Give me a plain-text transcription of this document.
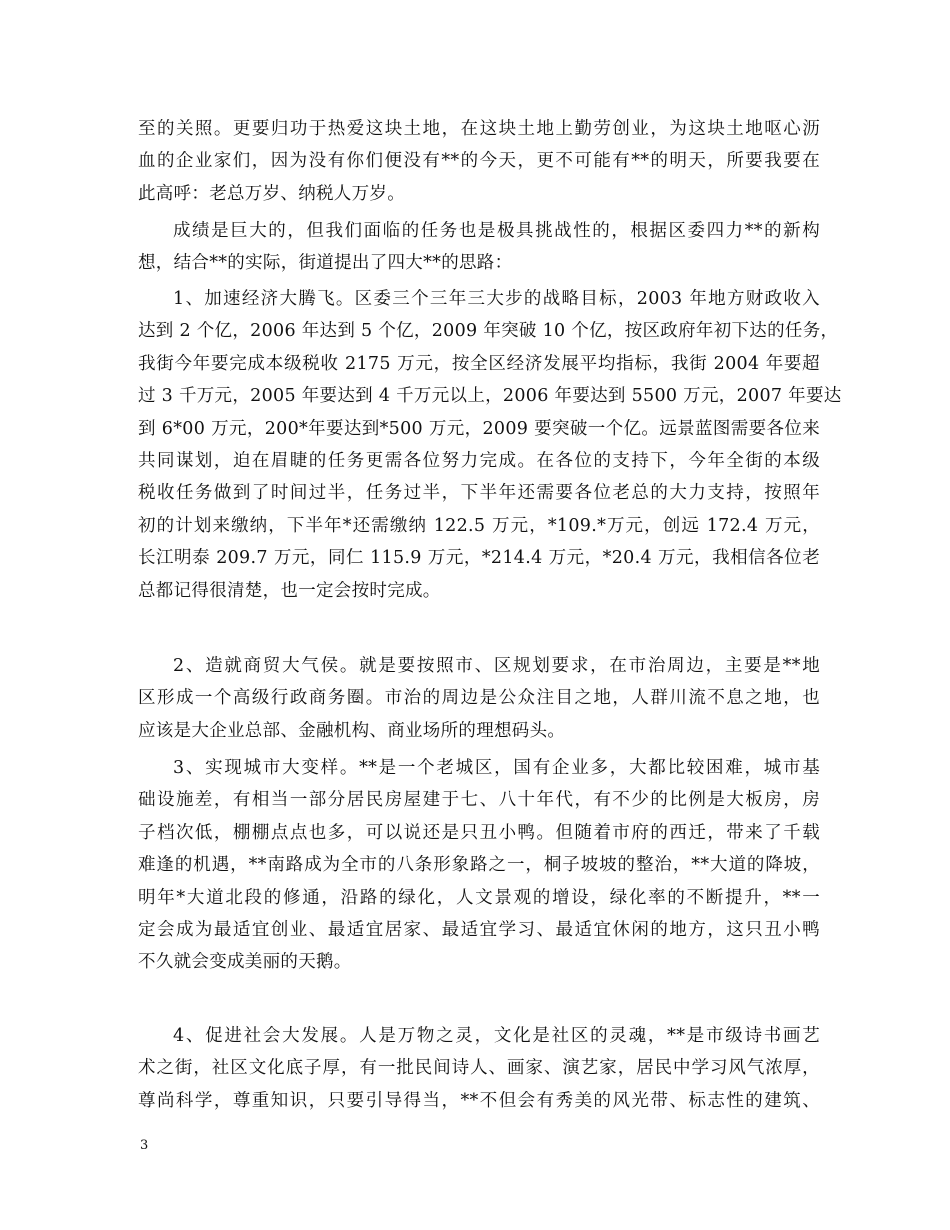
至的关照。更要归功于热爱这块土地，在这块土地上勤劳创业，为这块土地呕心沥
血的企业家们，因为没有你们便没有**的今天，更不可能有**的明天，所要我要在
此高呼：老总万岁、纳税人万岁。
成绩是巨大的，但我们面临的任务也是极具挑战性的，根据区委四力**的新构
想，结合**的实际，街道提出了四大**的思路：
1、加速经济大腾飞。区委三个三年三大步的战略目标，2003 年地方财政收入
达到 2 个亿，2006 年达到 5 个亿，2009 年突破 10 个亿，按区政府年初下达的任务，
我街今年要完成本级税收 2175 万元，按全区经济发展平均指标，我街 2004 年要超
过 3 千万元，2005 年要达到 4 千万元以上，2006 年要达到 5500 万元，2007 年要达
到 6*00 万元，200*年要达到*500 万元，2009 要突破一个亿。远景蓝图需要各位来
共同谋划，迫在眉睫的任务更需各位努力完成。在各位的支持下，今年全街的本级
税收任务做到了时间过半，任务过半，下半年还需要各位老总的大力支持，按照年
初的计划来缴纳，下半年*还需缴纳 122.5 万元，*109.*万元，创远 172.4 万元，
长江明泰 209.7 万元，同仁 115.9 万元，*214.4 万元，*20.4 万元，我相信各位老
总都记得很清楚，也一定会按时完成。
2、造就商贸大气侯。就是要按照市、区规划要求，在市治周边，主要是**地
区形成一个高级行政商务圈。市治的周边是公众注目之地，人群川流不息之地，也
应该是大企业总部、金融机构、商业场所的理想码头。
3、实现城市大变样。**是一个老城区，国有企业多，大都比较困难，城市基
础设施差，有相当一部分居民房屋建于七、八十年代，有不少的比例是大板房，房
子档次低，棚棚点点也多，可以说还是只丑小鸭。但随着市府的西迁，带来了千载
难逢的机遇，**南路成为全市的八条形象路之一，桐子坡坡的整治，**大道的降坡，
明年*大道北段的修通，沿路的绿化，人文景观的增设，绿化率的不断提升，**一
定会成为最适宜创业、最适宜居家、最适宜学习、最适宜休闲的地方，这只丑小鸭
不久就会变成美丽的天鹅。
4、促进社会大发展。人是万物之灵，文化是社区的灵魂，**是市级诗书画艺
术之街，社区文化底子厚，有一批民间诗人、画家、演艺家，居民中学习风气浓厚，
尊尚科学，尊重知识，只要引导得当，**不但会有秀美的风光带、标志性的建筑、
3
